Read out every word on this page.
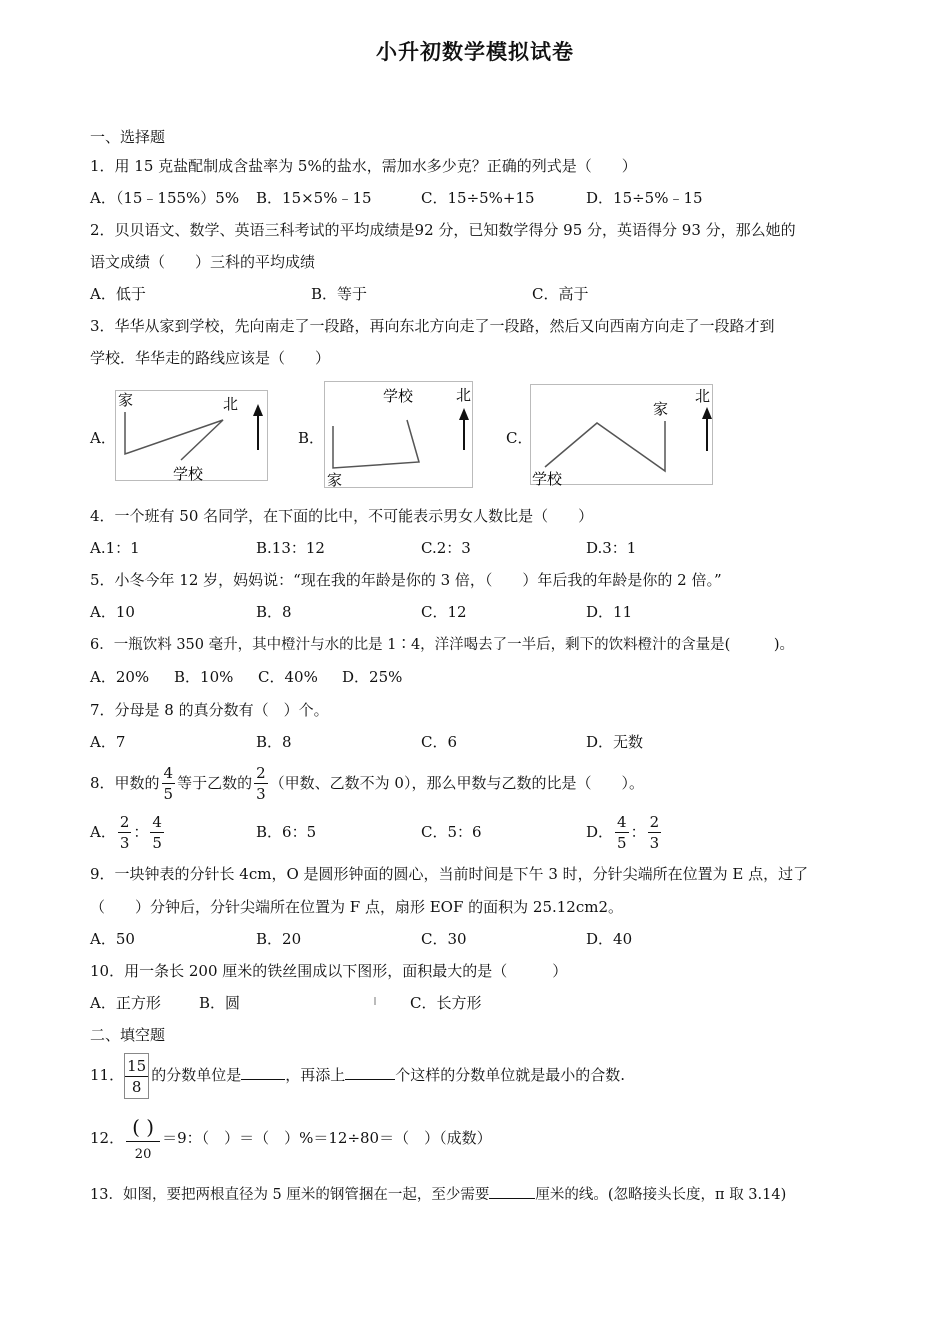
小升初数学模拟试卷
一、选择题
1．用 15 克盐配制成含盐率为 5%的盐水，需加水多少克？正确的列式是（　　）
A．（15﹣155%）5% B．15×5%﹣15	C．15÷5%+15	D．15÷5%﹣15
2．贝贝语文、数学、英语三科考试的平均成绩是92 分，已知数学得分 95 分，英语得分 93 分，那么她的
语文成绩（　　）三科的平均成绩
A．低于	B．等于	C．高于
3．华华从家到学校，先向南走了一段路，再向东北方向走了一段路，然后又向西南方向走了一段路才到
学校．华华走的路线应该是（　　）
A．
家
学校
北
B．
学校
家
北
C．
家
学校
北
4．一个班有 50 名同学，在下面的比中，不可能表示男女人数比是（　　）
A.1：1	B.13：12	C.2：3	D.3：1
5．小冬今年 12 岁，妈妈说：“现在我的年龄是你的 3 倍，（　　）年后我的年龄是你的 2 倍。”
A．10	B．8	C．12	D．11
6．一瓶饮料 350 毫升，其中橙汁与水的比是 1∶4，洋洋喝去了一半后，剩下的饮料橙汁的含量是(　　　)。
A．20% B．10% C．40% D．25%
7．分母是 8 的真分数有（　）个。
A．7	B．8	C．6	D．无数
8．甲数的 $\frac{4}{5}$ 等于乙数的 $\frac{2}{3}$ （甲数、乙数不为 0），那么甲数与乙数的比是（　　）。
A． $\frac{2}{3}$ ： $\frac{4}{5}$	B．6：5	C．5：6	D． $\frac{4}{5}$ ： $\frac{2}{3}$
9．一块钟表的分针长 4cm，O 是圆形钟面的圆心，当前时间是下午 3 时，分针尖端所在位置为 E 点，过了
（　　）分钟后，分针尖端所在位置为 F 点，扇形 EOF 的面积为 25.12cm2。
A．50	B．20	C．30	D．40
10．用一条长 200 厘米的铁丝围成以下图形，面积最大的是（　　　）
A．正方形	B．圆	C．长方形
二、填空题
11． $\frac{15}{8}$ 的分数单位是	，再添上	个这样的分数单位就是最小的合数.
12． $\frac{( )}{20} =9$：（　）＝（　）%＝12÷80＝（　）（成数）
13．如图，要把两根直径为 5 厘米的钢管捆在一起，至少需要	厘米的线。(忽略接头长度，π 取 3.14)
